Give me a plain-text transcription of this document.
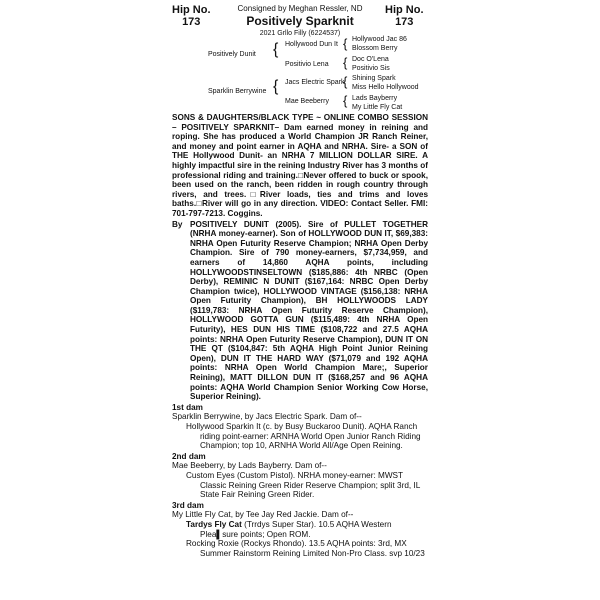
Hip No.
173
Hip No.
173
Consigned by Meghan Ressler, ND
Positively Sparknit
2021 Grllo Filly (6224537)
Positively Dunit
Sparklin Berrywine
{
{
Hollywood Dun It
Positivio Lena
Jacs Electric Spark
Mae Beeberry
{
{
{
{
Hollywood Jac 86
Blossom Berry
Doc O'Lena
Positivio Sis
Shining Spark
Miss Hello Hollywood
Lads Bayberry
My Little Fly Cat

SONS & DAUGHTERS/BLACK TYPE ~ ONLINE COMBO SESSION – POSITIVELY SPARKNIT– Dam earned money in reining and roping. She has produced a World Champion JR Ranch Reiner, and money and point earner in AQHA and NRHA. Sire- a SON of THE Hollywood Dunit- an NRHA 7 MILLION DOLLAR SIRE. A highly impactful sire in the reining Industry River has 3 months of professional riding and training.□Never offered to buck or spook, been used on the ranch, been ridden in rough country through rivers, and trees.□River loads, ties and trims and loves baths.□River will go in any direction. VIDEO: Contact Seller. FMI: 701-797-7213. Coggins.

By POSITIVELY DUNIT (2005). Sire of PULLET TOGETHER (NRHA money-earner). Son of HOLLYWOOD DUN IT, $69,383: NRHA Open Futurity Reserve Champion; NRHA Open Derby Champion. Sire of 790 money-earners, $7,734,959, and earners of 14,860 AQHA points, including HOLLYWOODSTINSELTOWN ($185,886: 4th NRBC (Open Derby), REMINIC N DUNIT ($167,164: NRBC Open Derby Champion twice), HOLLYWOOD VINTAGE ($156,138: NRHA Open Futurity Champion), BH HOLLYWOODS LADY ($119,783: NRHA Open Futurity Reserve Champion), HOLLYWOOD GOTTA GUN ($115,489: 4th NRHA Open Futurity), HES DUN HIS TIME ($108,722 and 27.5 AQHA points: NRHA Open Futurity Reserve Champion), DUN IT ON THE QT ($104,847: 5th AQHA High Point Junior Reining Open), DUN IT THE HARD WAY ($71,079 and 192 AQHA points: NRHA Open World Champion Mare;, Superior Reining), MATT DILLON DUN IT ($168,257 and 96 AQHA points: AQHA World Champion Senior Working Cow Horse, Superior Reining).
1st dam
Sparklin Berrywine, by Jacs Electric Spark. Dam of--
Hollywood Sparkin It (c. by Busy Buckaroo Dunit). AQHA Ranch riding point-earner: ARNHA World Open Junior Ranch Riding Champion; top 10, ARNHA World All/Age Open Reining.
2nd dam
Mae Beeberry, by Lads Bayberry. Dam of--
Custom Eyes (Custom Pistol). NRHA money-earner: MWST Classic Reining Green Rider Reserve Champion; split 3rd, IL State Fair Reining Green Rider.
3rd dam
My Little Fly Cat, by Tee Jay Red Jackie. Dam of--
Tardys Fly Cat (Trrdys Super Star). 10.5 AQHA Western Plea▌sure points; Open ROM.
Rocking Roxie (Rockys Rhondo). 13.5 AQHA points: 3rd, MX Summer Rainstorm Reining Limited Non-Pro Class. svp 10/23
